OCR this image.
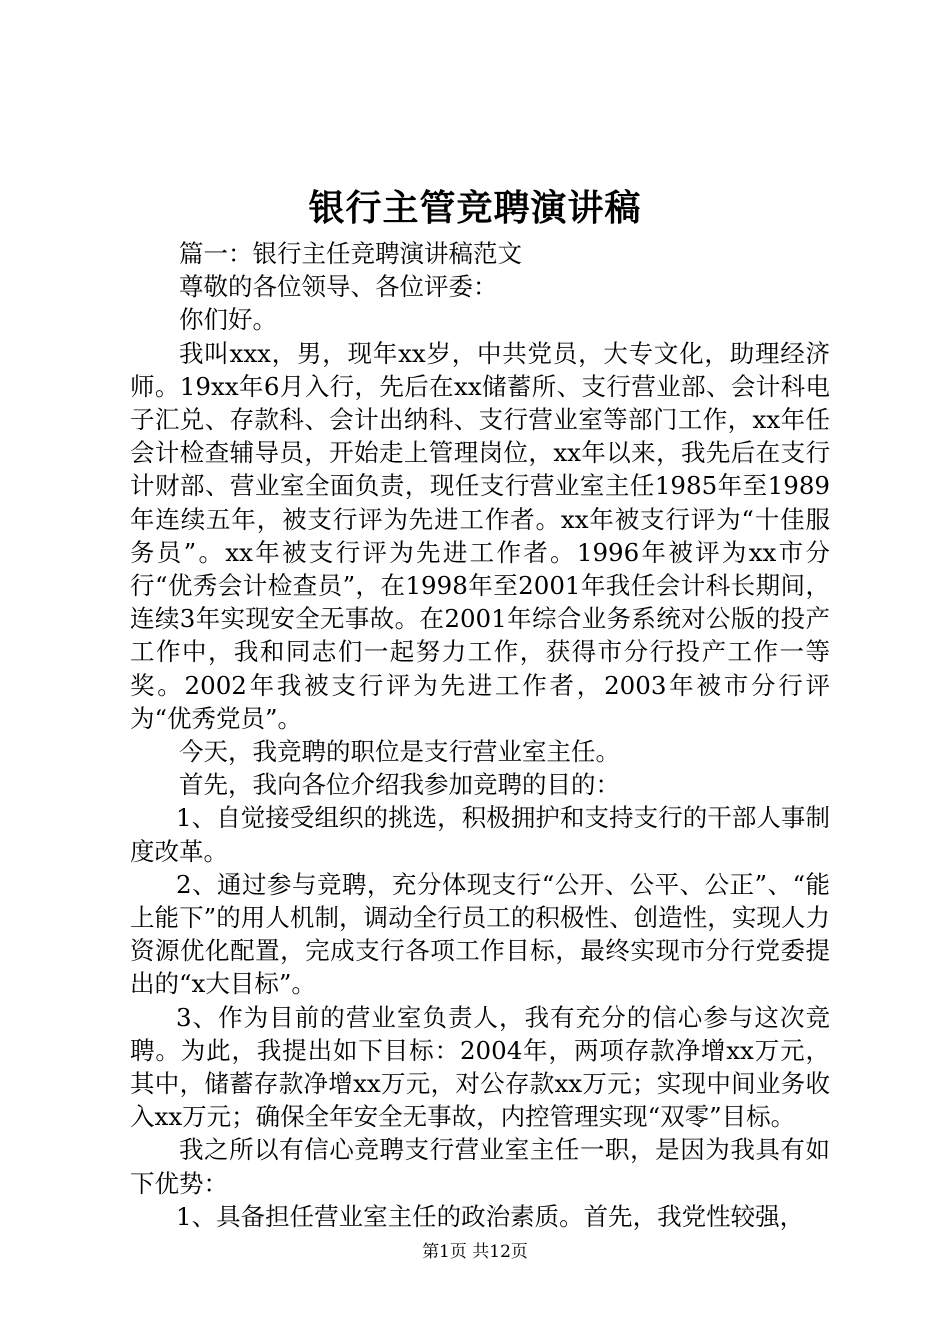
银行主管竞聘演讲稿

篇一：银行主任竞聘演讲稿范文

尊敬的各位领导、各位评委：

你们好。

我叫xxx，男，现年xx岁，中共党员，大专文化，助理经济师。19xx年6月入行，先后在xx储蓄所、支行营业部、会计科电子汇兑、存款科、会计出纳科、支行营业室等部门工作，xx年任会计检查辅导员，开始走上管理岗位，xx年以来，我先后在支行计财部、营业室全面负责，现任支行营业室主任1985年至1989年连续五年，被支行评为先进工作者。xx年被支行评为“十佳服务员”。xx年被支行评为先进工作者。1996年被评为xx市分行“优秀会计检查员”，在1998年至2001年我任会计科长期间，连续3年实现安全无事故。在2001年综合业务系统对公版的投产工作中，我和同志们一起努力工作，获得市分行投产工作一等奖。2002年我被支行评为先进工作者，2003年被市分行评为“优秀党员”。

今天，我竞聘的职位是支行营业室主任。

首先，我向各位介绍我参加竞聘的目的：

1、自觉接受组织的挑选，积极拥护和支持支行的干部人事制度改革。

2、通过参与竞聘，充分体现支行“公开、公平、公正”、“能上能下”的用人机制，调动全行员工的积极性、创造性，实现人力资源优化配置，完成支行各项工作目标，最终实现市分行党委提出的“x大目标”。

3、作为目前的营业室负责人，我有充分的信心参与这次竞聘。为此，我提出如下目标：2004年，两项存款净增xx万元，其中，储蓄存款净增xx万元，对公存款xx万元；实现中间业务收入xx万元；确保全年安全无事故，内控管理实现“双零”目标。

我之所以有信心竞聘支行营业室主任一职，是因为我具有如下优势：

1、具备担任营业室主任的政治素质。首先，我党性较强，

第1页 共12页
